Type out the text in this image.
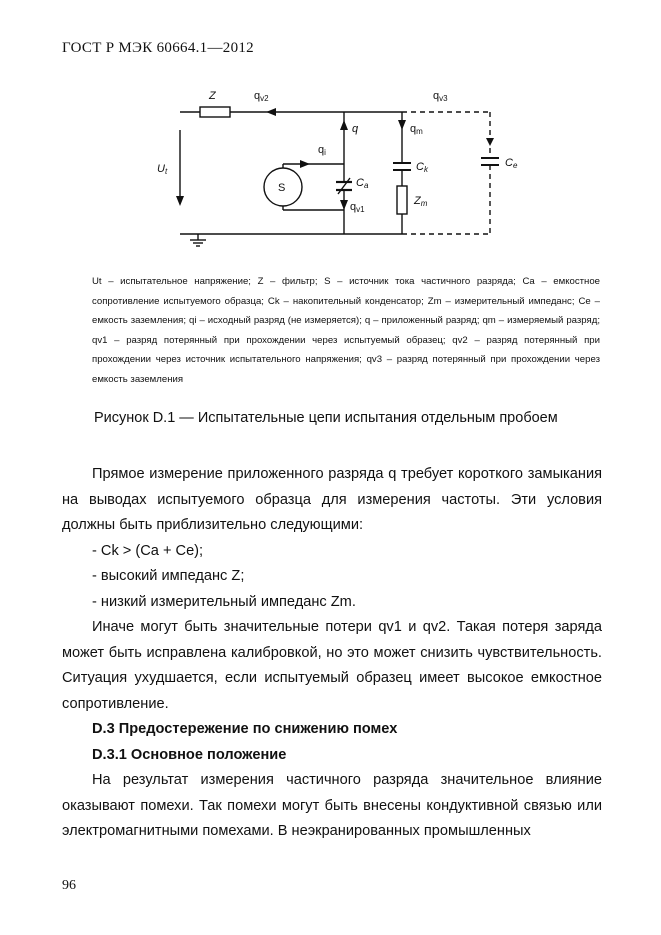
ГОСТ Р МЭК 60664.1—2012
Z	qv2	qv3
q	qm
Ut
qi
S	Ca
Ck
Ce
qv1
Zm
Ut – испытательное напряжение; Z – фильтр; S – источник тока частичного разряда; Ca – емкостное сопротивление испытуемого образца; Ck – накопительный конденсатор; Zm – измерительный импеданс; Ce – емкость заземления; qi – исходный разряд (не измеряется); q – приложенный разряд; qm – измеряемый разряд; qv1 – разряд потерянный при прохождении через испытуемый образец; qv2 – разряд потерянный при прохождении через источник испытательного напряжения; qv3 – разряд потерянный при прохождении через емкость заземления
Рисунок D.1 — Испытательные цепи испытания отдельным пробоем

Прямое измерение приложенного разряда q требует короткого замыкания на выводах испытуемого образца для измерения частоты. Эти условия должны быть приблизительно следующими:

- Ck > (Ca + Ce);

- высокий импеданс Z;

- низкий измерительный импеданс Zm.

Иначе могут быть значительные потери qv1 и qv2. Такая потеря заряда может быть исправлена калибровкой, но это может снизить чувствительность. Ситуация ухудшается, если испытуемый образец имеет высокое емкостное сопротивление.

D.3 Предостережение по снижению помех

D.3.1 Основное положение

На результат измерения частичного разряда значительное влияние оказывают помехи. Так помехи могут быть внесены кондуктивной связью или электромагнитными помехами. В неэкранированных промышленных

96
